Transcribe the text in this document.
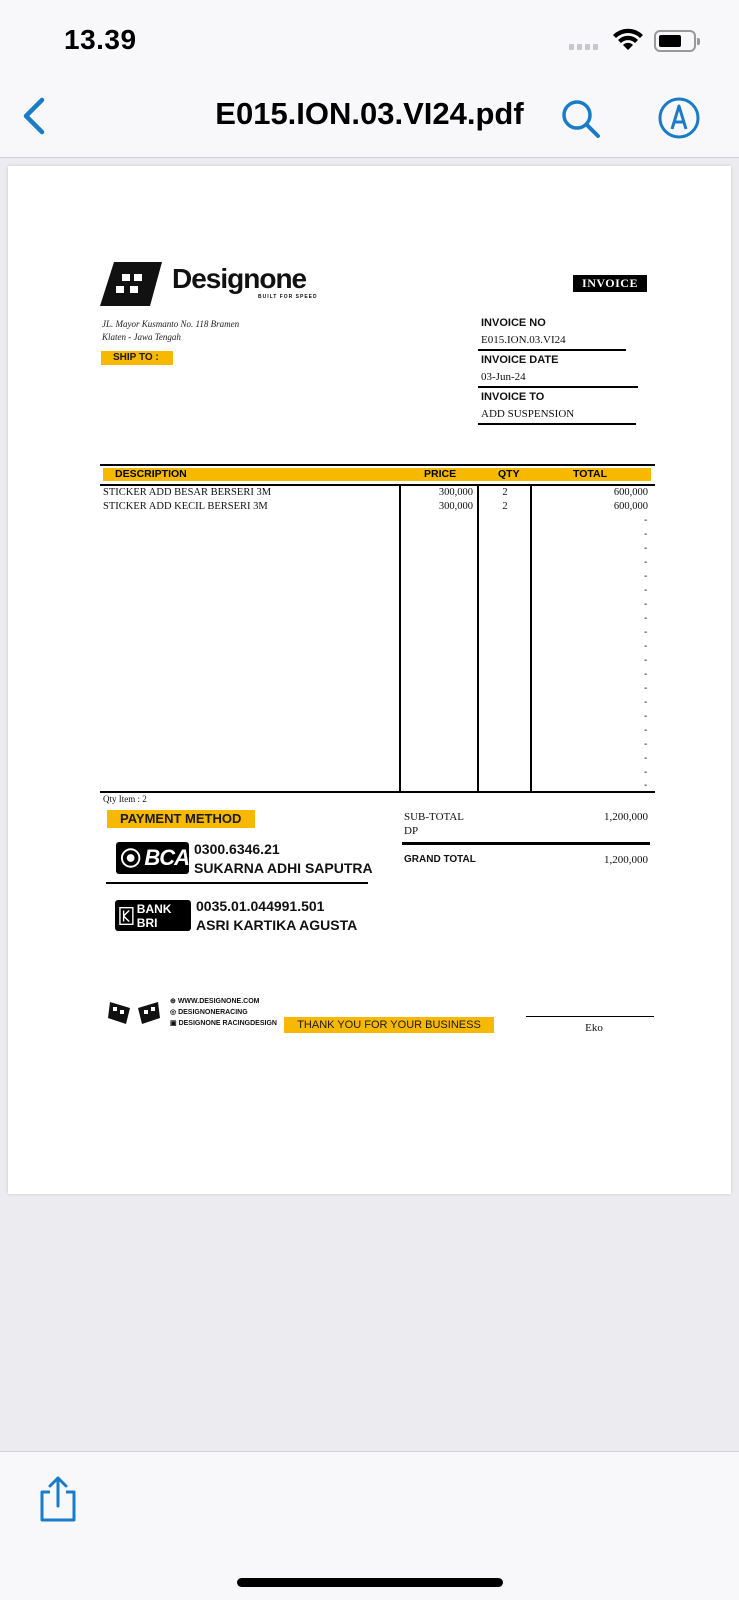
13.39
E015.ION.03.VI24.pdf
Designone
BUILT FOR SPEED
JL. Mayor Kusmanto No. 118 Bramen
Klaten - Jawa Tengah
SHIP TO :
INVOICE
INVOICE NO
E015.ION.03.VI24
INVOICE DATE
03-Jun-24
INVOICE TO
ADD SUSPENSION
DESCRIPTION	PRICE	QTY	TOTAL
STICKER ADD BESAR BERSERI 3M	300,000	2	600,000
STICKER ADD KECIL BERSERI 3M	300,000	2	600,000
-
-
-
-
-
-
-
-
-
-
-
-
-
-
-
-
-
-
-
-
Qty Item : 2
PAYMENT METHOD
BCA 0300.6346.21
SUKARNA ADHI SAPUTRA
BANK BRI
0035.01.044991.501
ASRI KARTIKA AGUSTA
SUB-TOTAL	1,200,000
DP
GRAND TOTAL	1,200,000
⊕ WWW.DESIGNONE.COM
◎ DESIGNONERACING
▣ DESIGNONE RACINGDESIGN	THANK YOU FOR YOUR BUSINESS	Eko
